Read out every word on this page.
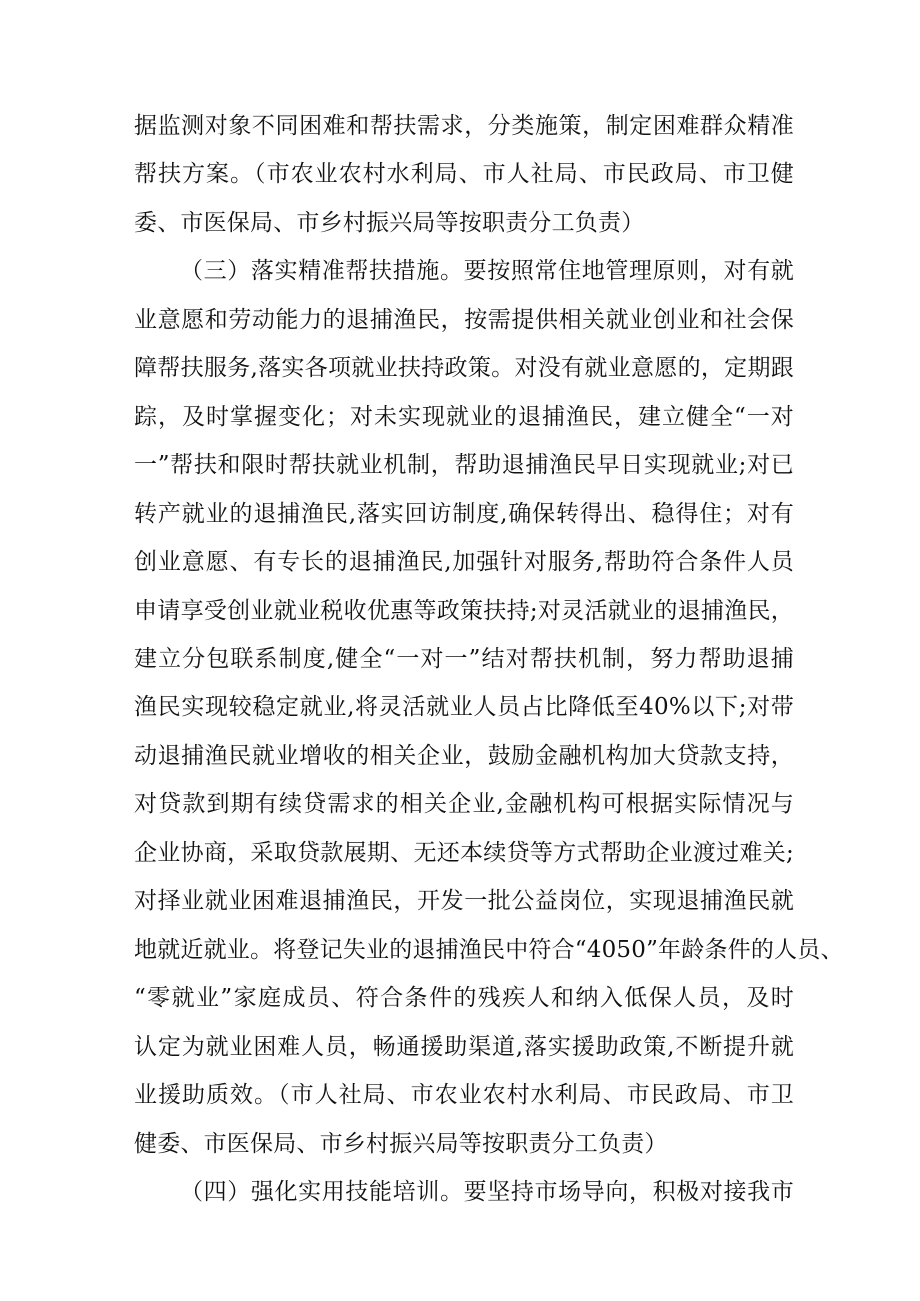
据监测对象不同困难和帮扶需求，分类施策，制定困难群众精准
帮扶方案。（市农业农村水利局、市人社局、市民政局、市卫健
委、市医保局、市乡村振兴局等按职责分工负责）
（三）落实精准帮扶措施。要按照常住地管理原则，对有就
业意愿和劳动能力的退捕渔民，按需提供相关就业创业和社会保
障帮扶服务,落实各项就业扶持政策。对没有就业意愿的，定期跟
踪，及时掌握变化；对未实现就业的退捕渔民，建立健全“一对
一”帮扶和限时帮扶就业机制，帮助退捕渔民早日实现就业;对已
转产就业的退捕渔民,落实回访制度,确保转得出、稳得住；对有
创业意愿、有专长的退捕渔民,加强针对服务,帮助符合条件人员
申请享受创业就业税收优惠等政策扶持;对灵活就业的退捕渔民，
建立分包联系制度,健全“一对一”结对帮扶机制，努力帮助退捕
渔民实现较稳定就业,将灵活就业人员占比降低至40%以下;对带
动退捕渔民就业增收的相关企业，鼓励金融机构加大贷款支持，
对贷款到期有续贷需求的相关企业,金融机构可根据实际情况与
企业协商，采取贷款展期、无还本续贷等方式帮助企业渡过难关;
对择业就业困难退捕渔民，开发一批公益岗位，实现退捕渔民就
地就近就业。将登记失业的退捕渔民中符合“4050”年龄条件的人员、
“零就业”家庭成员、符合条件的残疾人和纳入低保人员，及时
认定为就业困难人员，畅通援助渠道,落实援助政策,不断提升就
业援助质效。（市人社局、市农业农村水利局、市民政局、市卫
健委、市医保局、市乡村振兴局等按职责分工负责）
（四）强化实用技能培训。要坚持市场导向，积极对接我市
